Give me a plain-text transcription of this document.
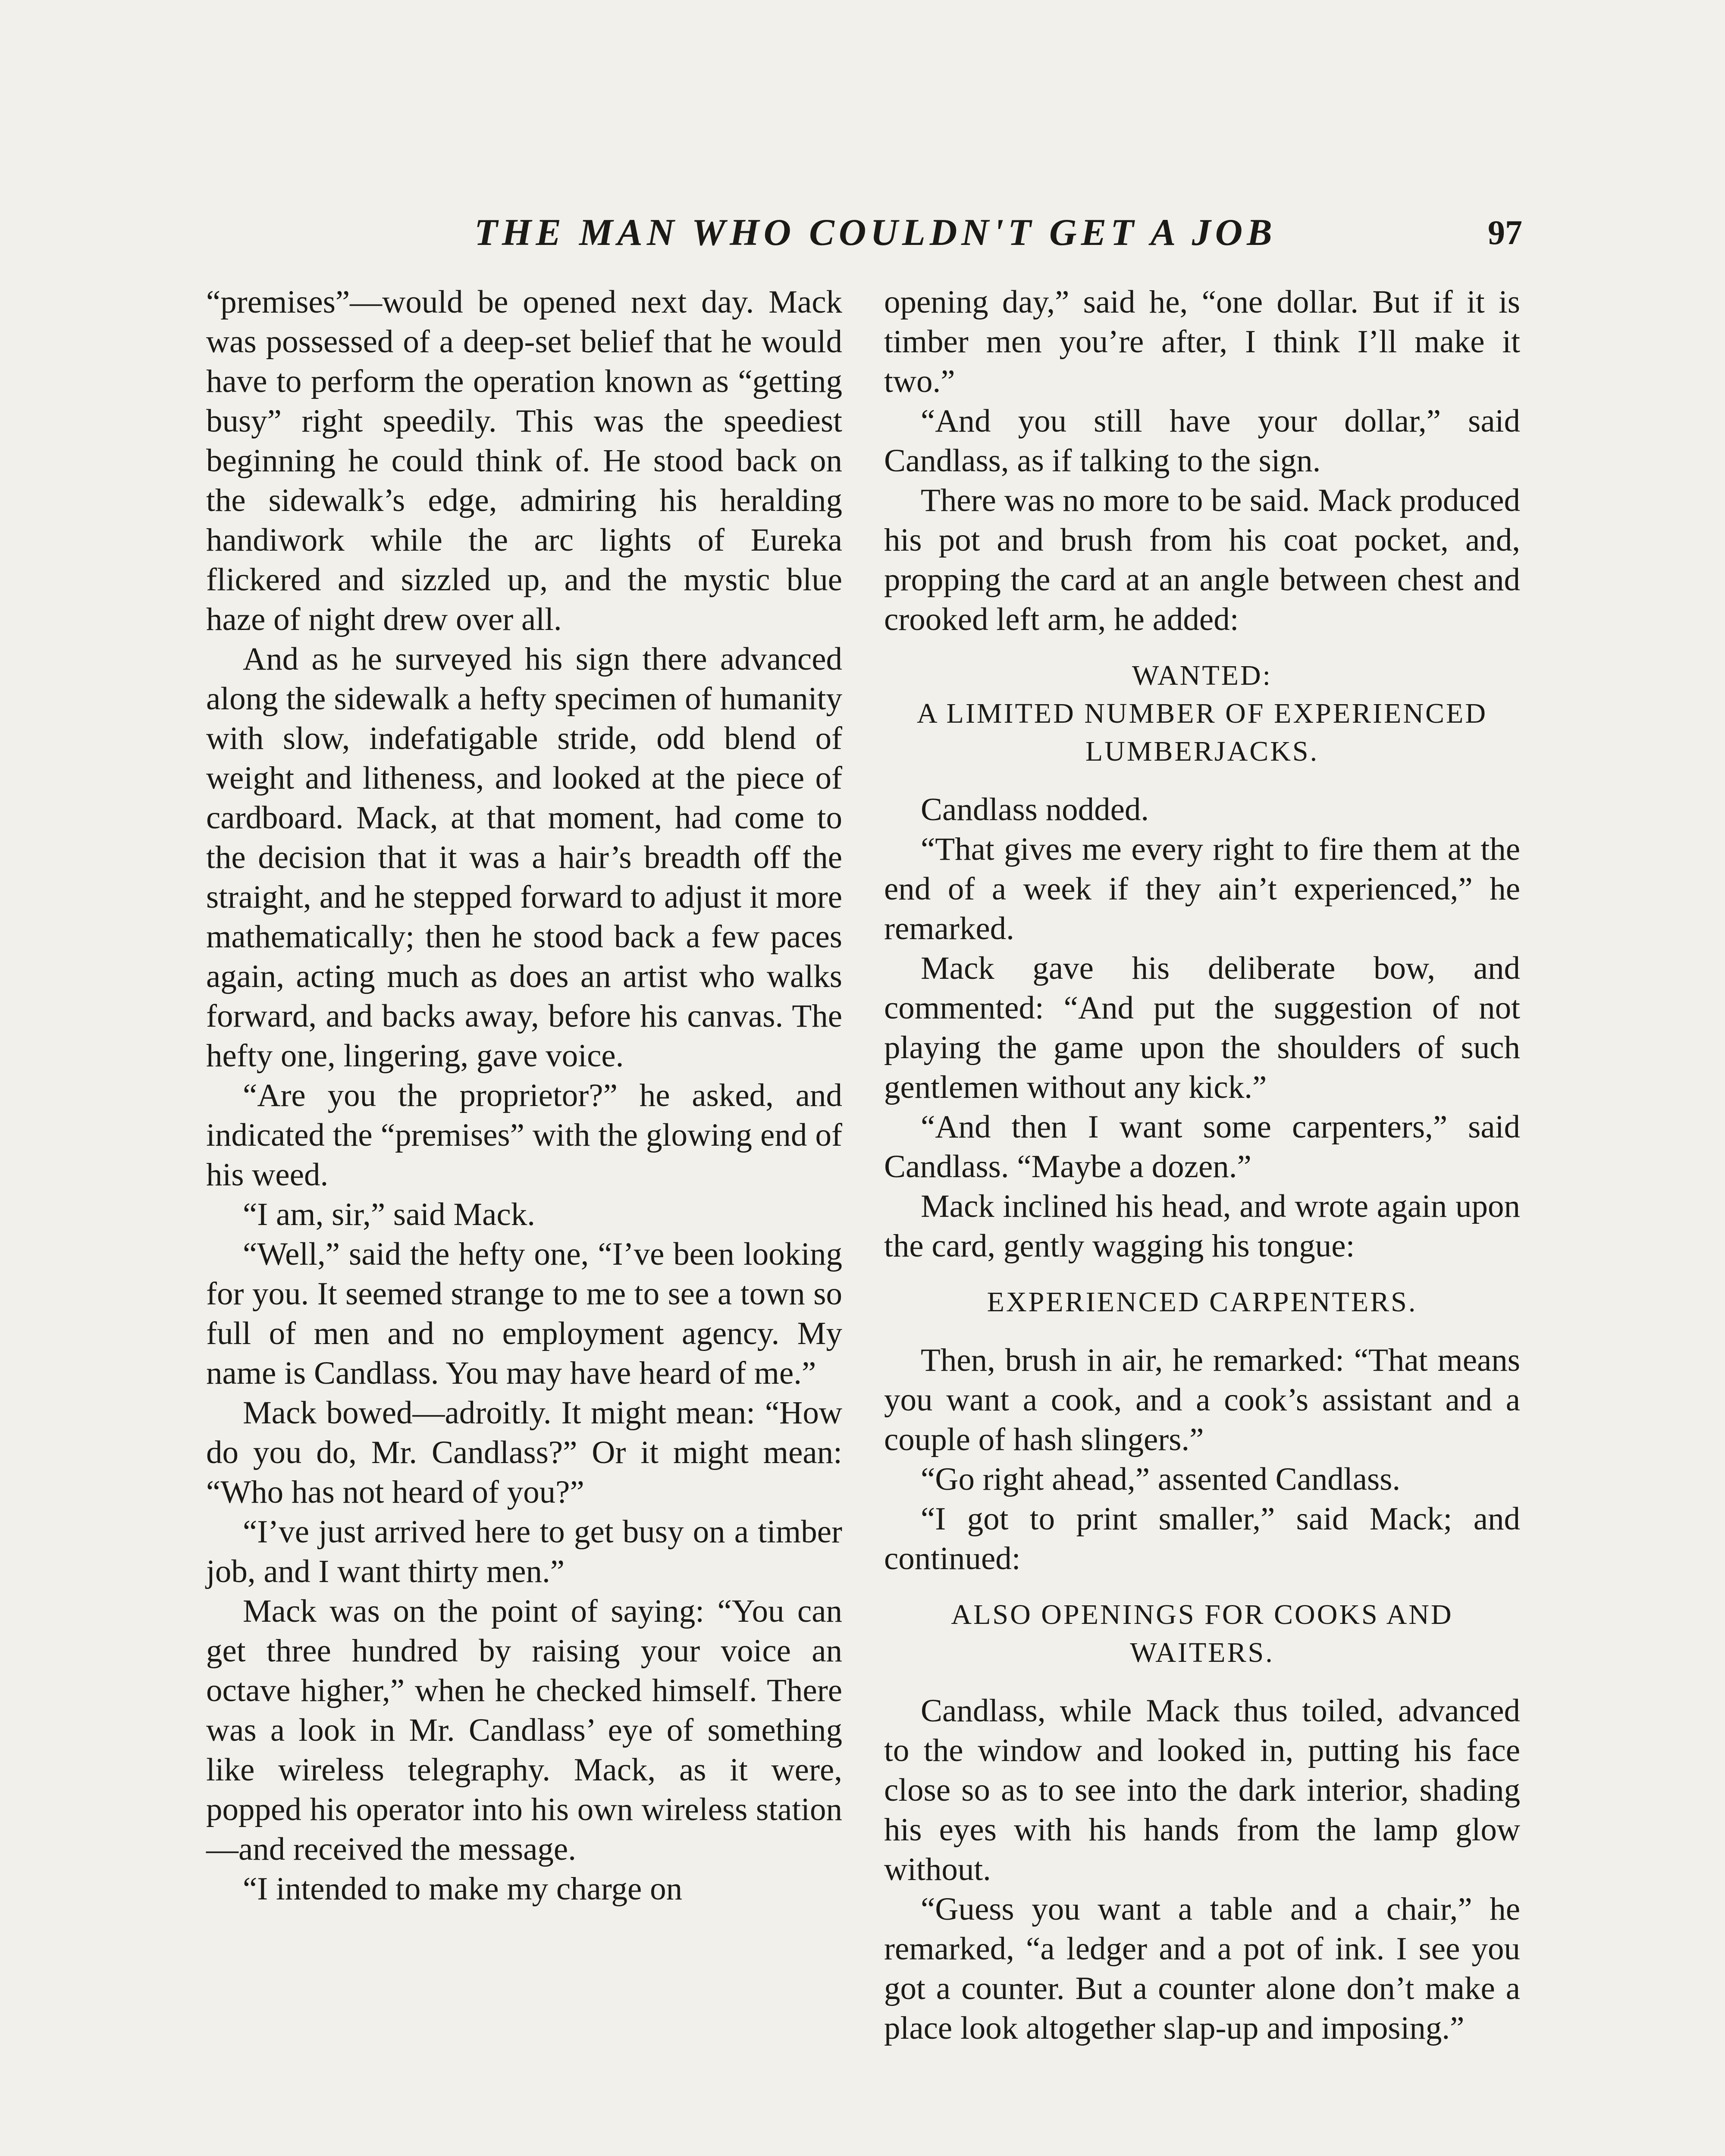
THE MAN WHO COULDN'T GET A JOB	97

“premises”—would be opened next day. Mack was possessed of a deep-set belief that he would have to perform the operation known as “getting busy” right speedily. This was the speediest beginning he could think of. He stood back on the sidewalk’s edge, admiring his heralding handiwork while the arc lights of Eureka flickered and sizzled up, and the mystic blue haze of night drew over all.

And as he surveyed his sign there advanced along the sidewalk a hefty specimen of humanity with slow, indefatigable stride, odd blend of weight and litheness, and looked at the piece of cardboard. Mack, at that moment, had come to the decision that it was a hair’s breadth off the straight, and he stepped forward to adjust it more mathematically; then he stood back a few paces again, acting much as does an artist who walks forward, and backs away, before his canvas. The hefty one, lingering, gave voice.

“Are you the proprietor?” he asked, and indicated the “premises” with the glowing end of his weed.

“I am, sir,” said Mack.

“Well,” said the hefty one, “I’ve been looking for you. It seemed strange to me to see a town so full of men and no employment agency. My name is Candlass. You may have heard of me.”

Mack bowed—adroitly. It might mean: “How do you do, Mr. Candlass?” Or it might mean: “Who has not heard of you?”

“I’ve just arrived here to get busy on a timber job, and I want thirty men.”

Mack was on the point of saying: “You can get three hundred by raising your voice an octave higher,” when he checked himself. There was a look in Mr. Candlass’ eye of something like wireless telegraphy. Mack, as it were, popped his operator into his own wireless station—and received the message.

“I intended to make my charge on

opening day,” said he, “one dollar. But if it is timber men you’re after, I think I’ll make it two.”

“And you still have your dollar,” said Candlass, as if talking to the sign.

There was no more to be said. Mack produced his pot and brush from his coat pocket, and, propping the card at an angle between chest and crooked left arm, he added:

WANTED:
A LIMITED NUMBER OF EXPERIENCED LUMBERJACKS.

Candlass nodded.

“That gives me every right to fire them at the end of a week if they ain’t experienced,” he remarked.

Mack gave his deliberate bow, and commented: “And put the suggestion of not playing the game upon the shoulders of such gentlemen without any kick.”

“And then I want some carpenters,” said Candlass. “Maybe a dozen.”

Mack inclined his head, and wrote again upon the card, gently wagging his tongue:

EXPERIENCED CARPENTERS.

Then, brush in air, he remarked: “That means you want a cook, and a cook’s assistant and a couple of hash slingers.”

“Go right ahead,” assented Candlass.

“I got to print smaller,” said Mack; and continued:

ALSO OPENINGS FOR COOKS AND WAITERS.

Candlass, while Mack thus toiled, advanced to the window and looked in, putting his face close so as to see into the dark interior, shading his eyes with his hands from the lamp glow without.

“Guess you want a table and a chair,” he remarked, “a ledger and a pot of ink. I see you got a counter. But a counter alone don’t make a place look altogether slap-up and imposing.”
